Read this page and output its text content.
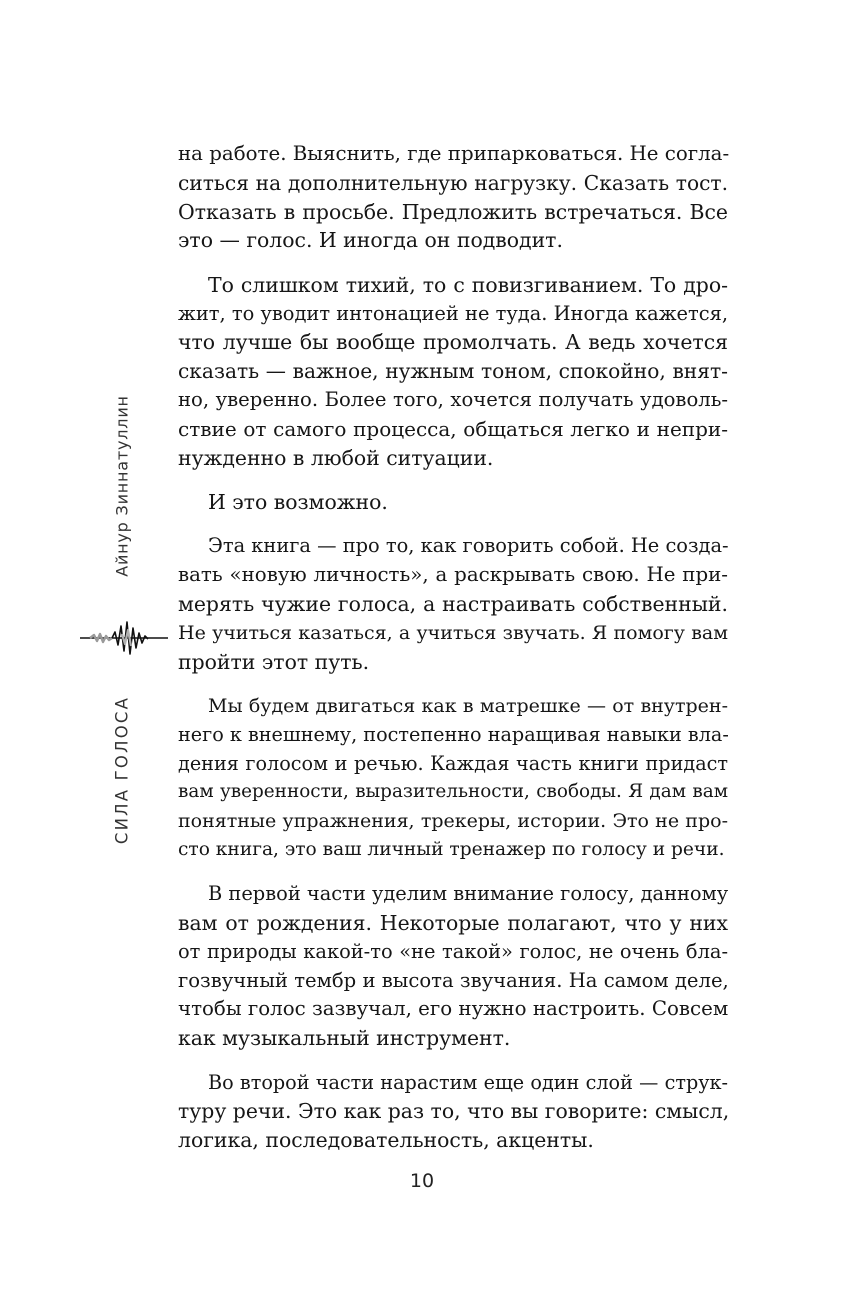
Айнур Зиннатуллин
СИЛА ГОЛОСА

на работе. Выяснить, где припарковаться. Не согла-
ситься на дополнительную нагрузку. Сказать тост.
Отказать в просьбе. Предложить встречаться. Все
это — голос. И иногда он подводит.

То слишком тихий, то с повизгиванием. То дро-
жит, то уводит интонацией не туда. Иногда кажется,
что лучше бы вообще промолчать. А ведь хочется
сказать — важное, нужным тоном, спокойно, внят-
но, уверенно. Более того, хочется получать удоволь-
ствие от самого процесса, общаться легко и непри-
нужденно в любой ситуации.

И это возможно.

Эта книга — про то, как говорить собой. Не созда-
вать «новую личность», а раскрывать свою. Не при-
мерять чужие голоса, а настраивать собственный.
Не учиться казаться, а учиться звучать. Я помогу вам
пройти этот путь.

Мы будем двигаться как в матрешке — от внутрен-
него к внешнему, постепенно наращивая навыки вла-
дения голосом и речью. Каждая часть книги придаст
вам уверенности, выразительности, свободы. Я дам вам
понятные упражнения, трекеры, истории. Это не про-
сто книга, это ваш личный тренажер по голосу и речи.

В первой части уделим внимание голосу, данному
вам от рождения. Некоторые полагают, что у них
от природы какой-то «не такой» голос, не очень бла-
гозвучный тембр и высота звучания. На самом деле,
чтобы голос зазвучал, его нужно настроить. Совсем
как музыкальный инструмент.

Во второй части нарастим еще один слой — струк-
туру речи. Это как раз то, что вы говорите: смысл,
логика, последовательность, акценты.

10
